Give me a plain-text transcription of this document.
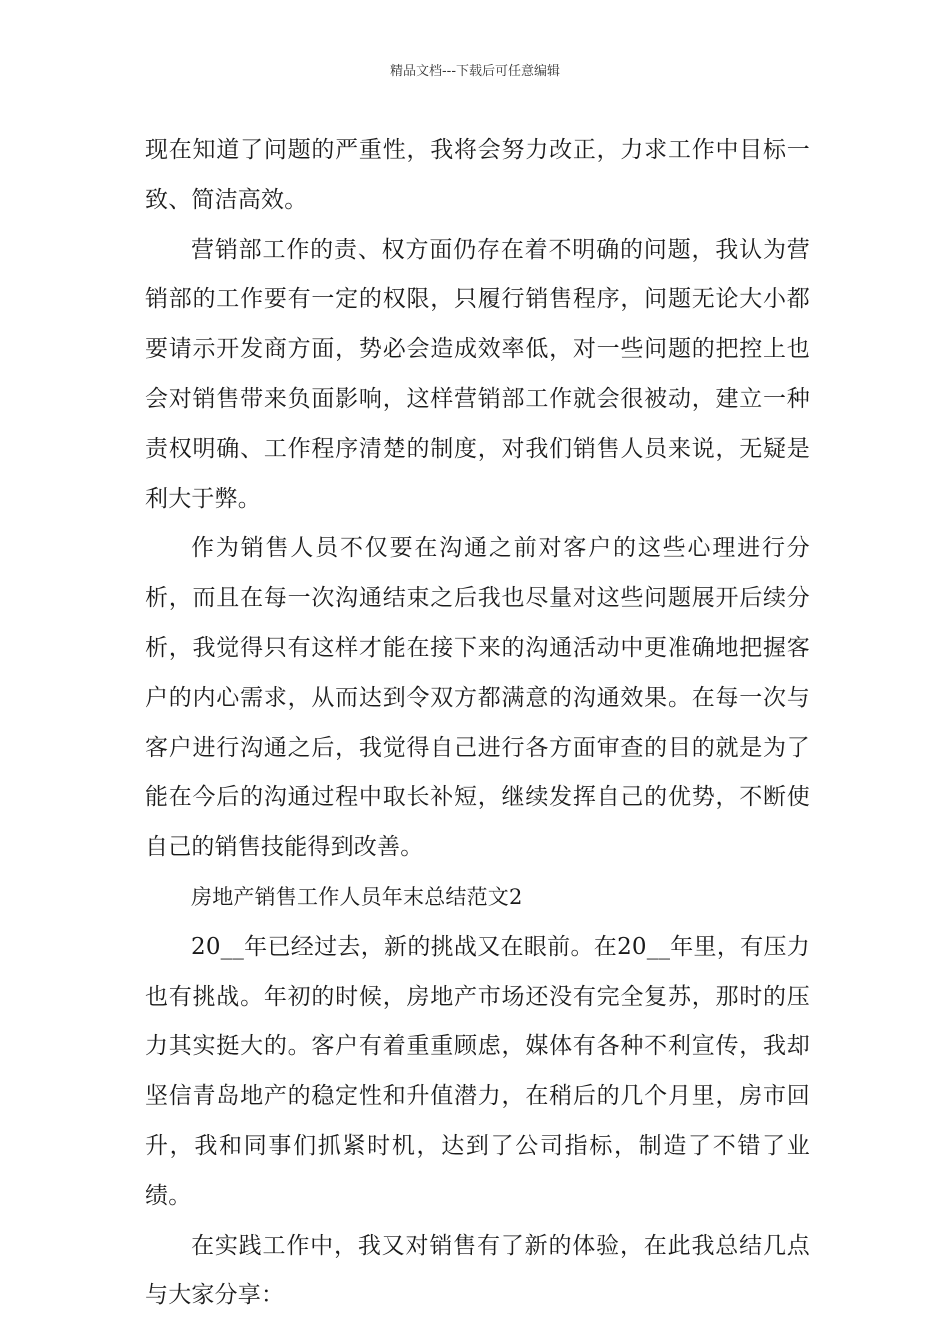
精品文档---下载后可任意编辑

现在知道了问题的严重性，我将会努力改正，力求工作中目标一致、简洁高效。

营销部工作的责、权方面仍存在着不明确的问题，我认为营销部的工作要有一定的权限，只履行销售程序，问题无论大小都要请示开发商方面，势必会造成效率低，对一些问题的把控上也会对销售带来负面影响，这样营销部工作就会很被动，建立一种责权明确、工作程序清楚的制度，对我们销售人员来说，无疑是利大于弊。

作为销售人员不仅要在沟通之前对客户的这些心理进行分析，而且在每一次沟通结束之后我也尽量对这些问题展开后续分析，我觉得只有这样才能在接下来的沟通活动中更准确地把握客户的内心需求，从而达到令双方都满意的沟通效果。在每一次与客户进行沟通之后，我觉得自己进行各方面审查的目的就是为了能在今后的沟通过程中取长补短，继续发挥自己的优势，不断使自己的销售技能得到改善。

房地产销售工作人员年末总结范文2

20__年已经过去，新的挑战又在眼前。在20__年里，有压力也有挑战。年初的时候，房地产市场还没有完全复苏，那时的压力其实挺大的。客户有着重重顾虑，媒体有各种不利宣传，我却坚信青岛地产的稳定性和升值潜力，在稍后的几个月里，房市回升，我和同事们抓紧时机，达到了公司指标，制造了不错了业绩。

在实践工作中，我又对销售有了新的体验，在此我总结几点与大家分享：
